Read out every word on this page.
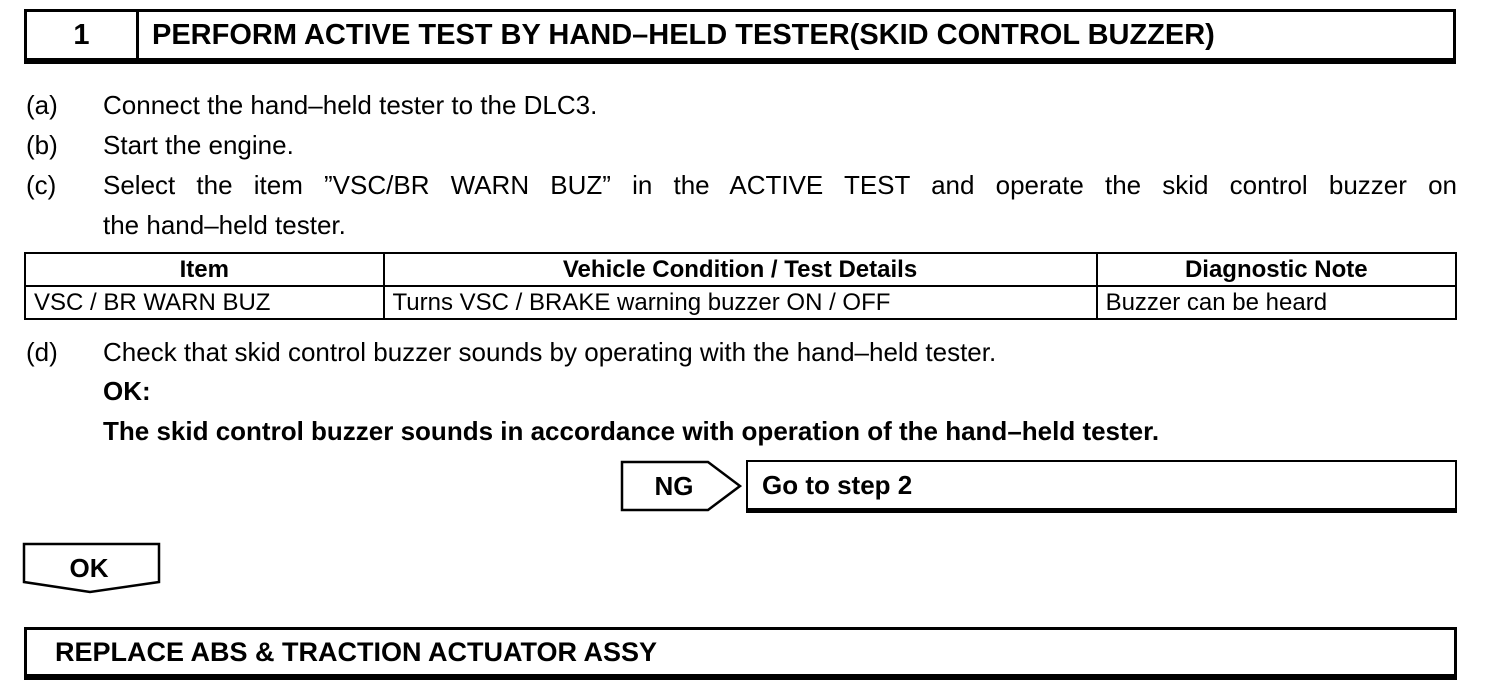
1	PERFORM ACTIVE TEST BY HAND–HELD TESTER(SKID CONTROL BUZZER)
(a) Connect the hand–held tester to the DLC3.
(b) Start the engine.
(c) Select the item ”VSC/BR WARN BUZ” in the ACTIVE TEST and operate the skid control buzzer on
the hand–held tester.
Item	Vehicle Condition / Test Details	Diagnostic Note
VSC / BR WARN BUZ	Turns VSC / BRAKE warning buzzer ON / OFF	Buzzer can be heard
(d) Check that skid control buzzer sounds by operating with the hand–held tester.
OK:
The skid control buzzer sounds in accordance with operation of the hand–held tester.
NG	Go to step 2
OK
REPLACE ABS & TRACTION ACTUATOR ASSY
